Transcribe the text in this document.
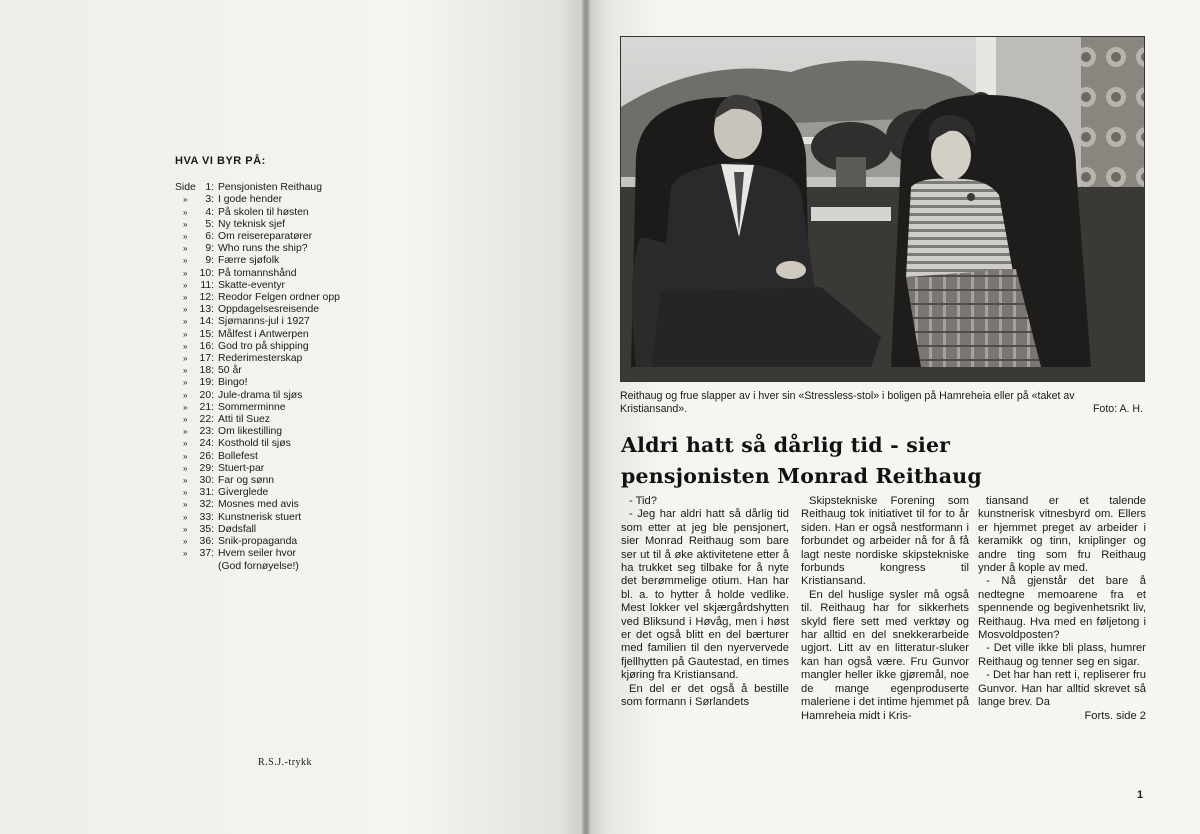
HVA VI BYR PÅ:
Side 1: Pensjonisten Reithaug
»	3: I gode hender
»	4: På skolen til høsten
»	5: Ny teknisk sjef
»	6: Om reisereparatører
»	9: Who runs the ship?
»	9: Færre sjøfolk
»	10: På tomannshånd
»	11: Skatte-eventyr
»	12: Reodor Felgen ordner opp
»	13: Oppdagelsesreisende
»	14: Sjømanns-jul i 1927
»	15: Målfest i Antwerpen
»	16: God tro på shipping
»	17: Rederimesterskap
»	18: 50 år
»	19: Bingo!
»	20: Jule-drama til sjøs
»	21: Sommerminne
»	22: Atti til Suez
»	23: Om likestilling
»	24: Kosthold til sjøs
»	26: Bollefest
»	29: Stuert-par
»	30: Far og sønn
»	31: Giverglede
»	32: Mosnes med avis
»	33: Kunstnerisk stuert
»	35: Dødsfall
»	36: Snik-propaganda
»	37: Hvem seiler hvor
(God fornøyelse!)
R.S.J.-trykk
Reithaug og frue slapper av i hver sin «Stressless-stol» i boligen på Hamreheia eller på «taket av Kristiansand».	Foto: A. H.
Aldri hatt så dårlig tid - sier
pensjonisten Monrad Reithaug

- Tid?

- Jeg har aldri hatt så dårlig tid som etter at jeg ble pensjonert, sier Monrad Reithaug som bare ser ut til å øke aktivitetene etter å ha trukket seg tilbake for å nyte det berømmelige otium. Han har bl. a. to hytter å holde vedlike. Mest lokker vel skjærgårdshytten ved Bliksund i Høvåg, men i høst er det også blitt en del bærturer med familien til den nyervervede fjellhytten på Gautestad, en times kjøring fra Kristiansand.

En del er det også å bestille som formann i Sørlandets

Skipstekniske Forening som Reithaug tok initiativet til for to år siden. Han er også nestformann i forbundet og arbeider nå for å få lagt neste nordiske skipstekniske forbunds kongress til Kristiansand.

En del huslige sysler må også til. Reithaug har for sikkerhets skyld flere sett med verktøy og har alltid en del snekkerarbeide ugjort. Litt av en litteratur-sluker kan han også være. Fru Gunvor mangler heller ikke gjøremål, noe de mange egenproduserte maleriene i det intime hjemmet på Hamreheia midt i Kris-

tiansand er et talende kunstnerisk vitnesbyrd om. Ellers er hjemmet preget av arbeider i keramikk og tinn, kniplinger og andre ting som fru Reithaug ynder å kople av med.

- Nå gjenstår det bare å nedtegne memoarene fra et spennende og begivenhetsrikt liv, Reithaug. Hva med en føljetong i Mosvoldposten?

- Det ville ikke bli plass, humrer Reithaug og tenner seg en sigar.

- Det har han rett i, repliserer fru Gunvor. Han har alltid skrevet så lange brev. Da

Forts. side 2

1
